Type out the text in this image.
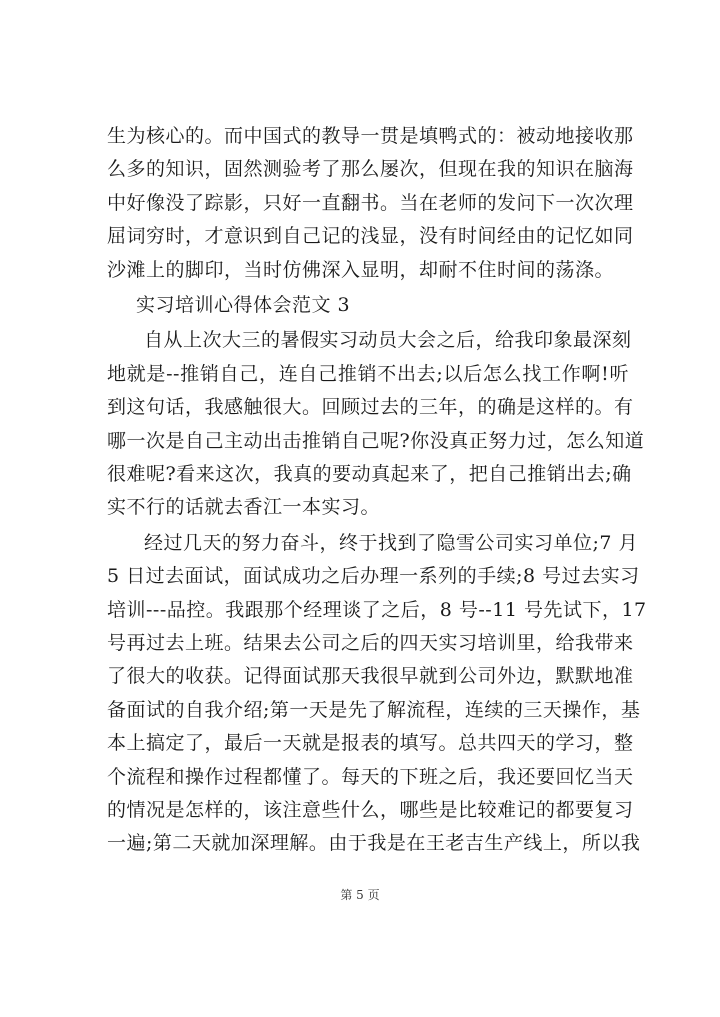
生为核心的。而中国式的教导一贯是填鸭式的：被动地接收那
么多的知识，固然测验考了那么屡次，但现在我的知识在脑海
中好像没了踪影，只好一直翻书。当在老师的发问下一次次理
屈词穷时，才意识到自己记的浅显，没有时间经由的记忆如同
沙滩上的脚印，当时仿佛深入显明，却耐不住时间的荡涤。
实习培训心得体会范文 3
自从上次大三的暑假实习动员大会之后，给我印象最深刻
地就是--推销自己，连自己推销不出去;以后怎么找工作啊!听
到这句话，我感触很大。回顾过去的三年，的确是这样的。有
哪一次是自己主动出击推销自己呢?你没真正努力过，怎么知道
很难呢?看来这次，我真的要动真起来了，把自己推销出去;确
实不行的话就去香江一本实习。
经过几天的努力奋斗，终于找到了隐雪公司实习单位;7 月
5 日过去面试，面试成功之后办理一系列的手续;8 号过去实习
培训---品控。我跟那个经理谈了之后，8 号--11 号先试下，17
号再过去上班。结果去公司之后的四天实习培训里，给我带来
了很大的收获。记得面试那天我很早就到公司外边，默默地准
备面试的自我介绍;第一天是先了解流程，连续的三天操作，基
本上搞定了，最后一天就是报表的填写。总共四天的学习，整
个流程和操作过程都懂了。每天的下班之后，我还要回忆当天
的情况是怎样的，该注意些什么，哪些是比较难记的都要复习
一遍;第二天就加深理解。由于我是在王老吉生产线上，所以我
第 5 页
